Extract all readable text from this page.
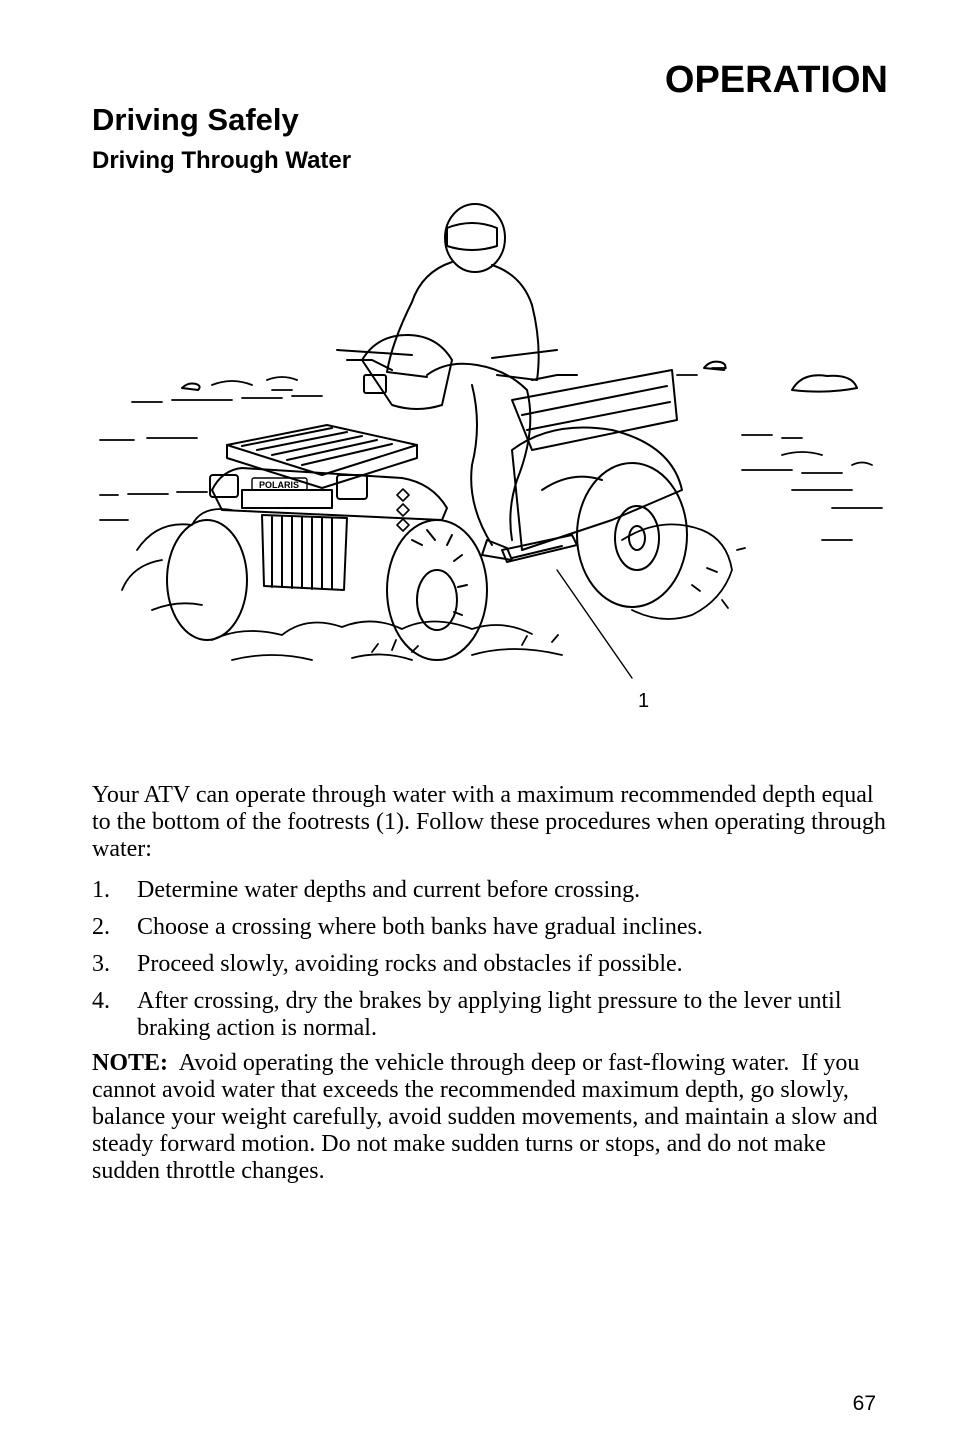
OPERATION
Driving Safely
Driving Through Water
POLARIS
1

Your ATV can operate through water with a maximum recommended depth equal to the bottom of the footrests (1). Follow these procedures when operating through water:

1. Determine water depths and current before crossing.
2. Choose a crossing where both banks have gradual inclines.
3. Proceed slowly, avoiding rocks and obstacles if possible.
4. After crossing, dry the brakes by applying light pressure to the lever until braking action is normal.

NOTE:  Avoid operating the vehicle through deep or fast-flowing water.  If you cannot avoid water that exceeds the recommended maximum depth, go slowly, balance your weight carefully, avoid sudden movements, and maintain a slow and steady forward motion. Do not make sudden turns or stops, and do not make sudden throttle changes.

67
